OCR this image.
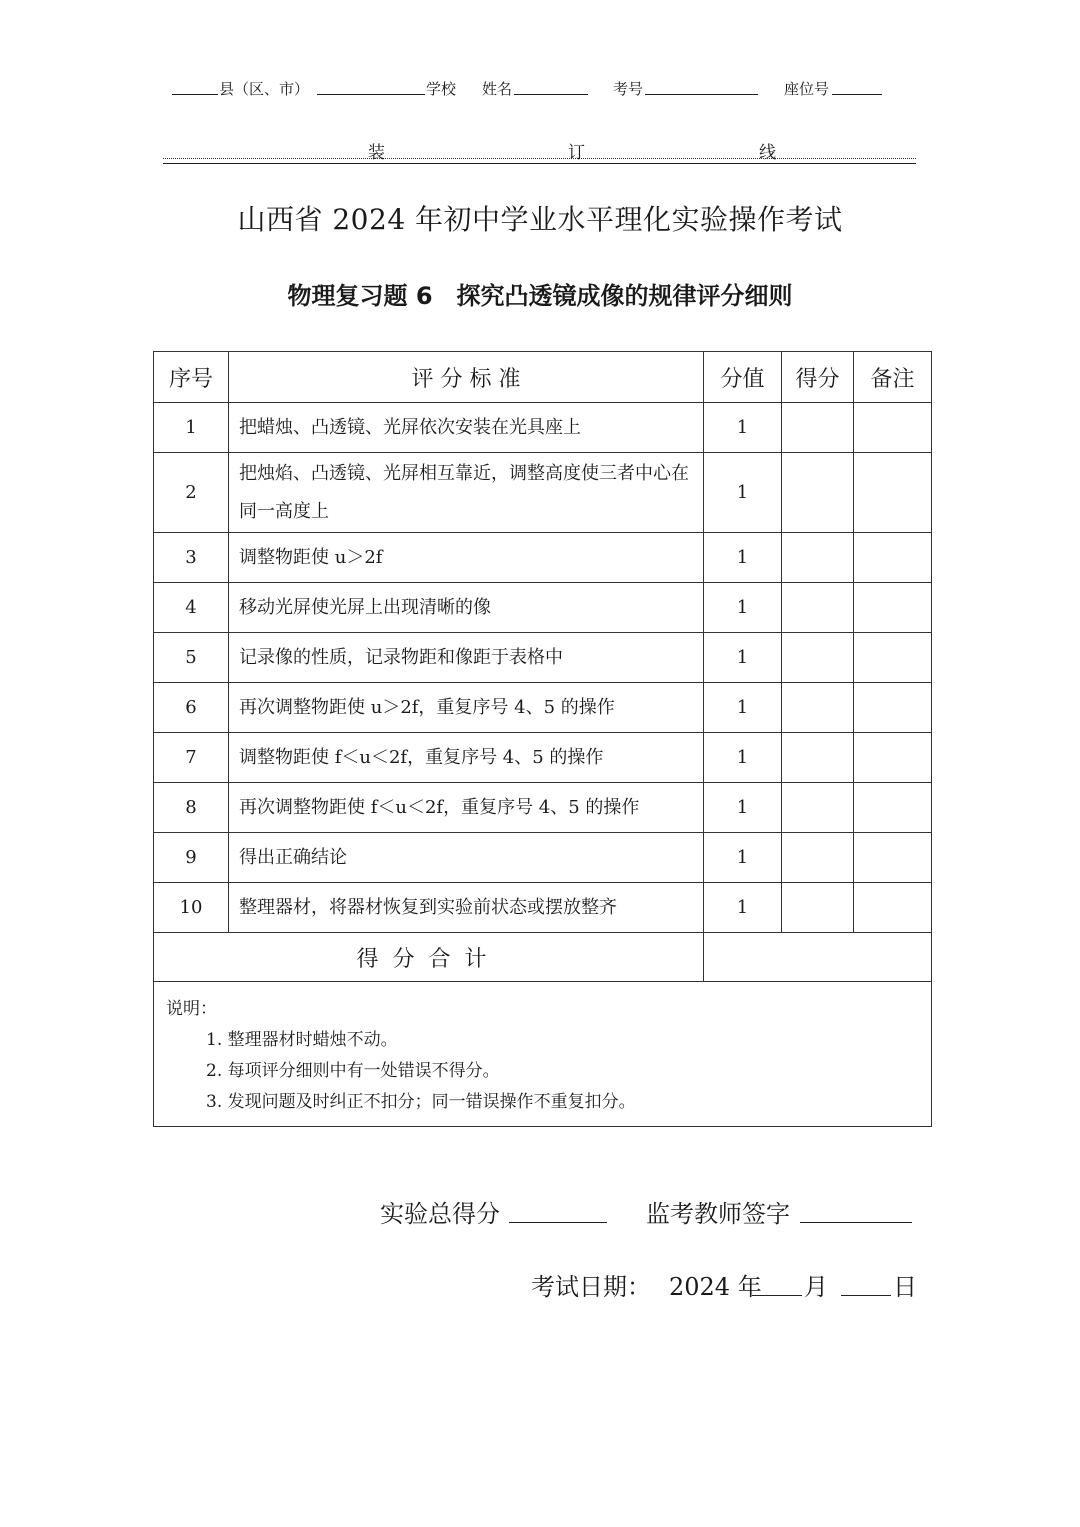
县（区、市）	学校 姓名	考号	座位号
装	订	线
山西省 2024 年初中学业水平理化实验操作考试
物理复习题 6　探究凸透镜成像的规律评分细则
序号	评 分 标 准	分值	得分	备注
1	把蜡烛、凸透镜、光屏依次安装在光具座上	1		
2	把烛焰、凸透镜、光屏相互靠近，调整高度使三者中心在同一高度上	1		
3	调整物距使 u＞2f	1		
4	移动光屏使光屏上出现清晰的像	1		
5	记录像的性质，记录物距和像距于表格中	1		
6	再次调整物距使 u＞2f，重复序号 4、5 的操作	1		
7	调整物距使 f＜u＜2f，重复序号 4、5 的操作	1		
8	再次调整物距使 f＜u＜2f，重复序号 4、5 的操作	1		
9	得出正确结论	1		
10	整理器材，将器材恢复到实验前状态或摆放整齐	1		
得分合计				

说明：
1. 整理器材时蜡烛不动。
2. 每项评分细则中有一处错误不得分。
3. 发现问题及时纠正不扣分；同一错误操作不重复扣分。				
实验总得分	监考教师签字
考试日期： 2024 年 月	日
